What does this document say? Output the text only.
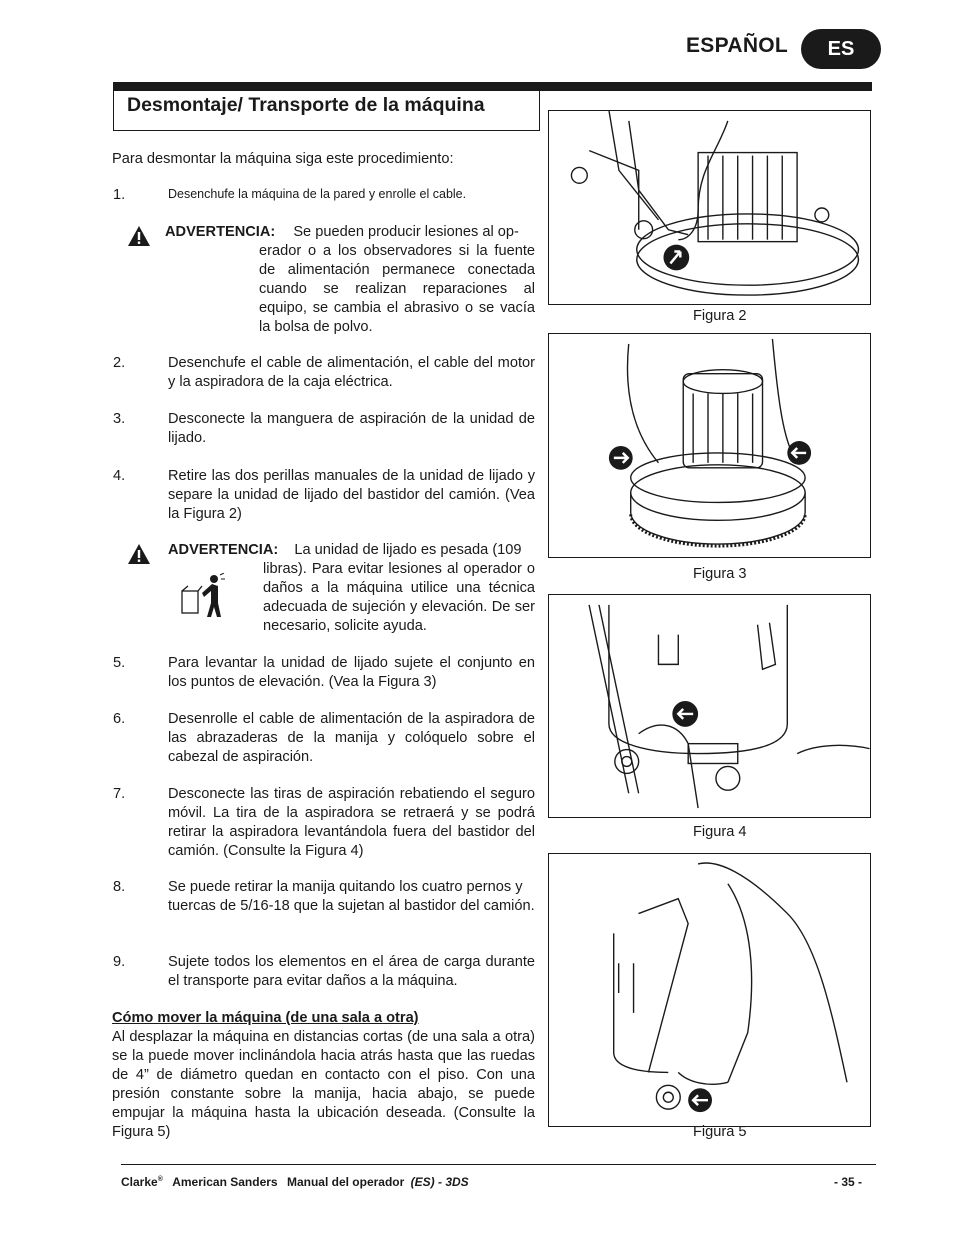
ESPAÑOL	ES
Desmontaje/ Transporte de la máquina
Para desmontar la máquina siga este procedimiento:
1.	Desenchufe la máquina de la pared y enrolle el cable.
ADVERTENCIA: Se pueden producir lesiones al op-
erador o a los observadores si la fuente de alimentación permanece conectada cuando se realizan reparaciones al equipo, se cambia el abrasivo o se vacía la bolsa de polvo.
2.	Desenchufe el cable de alimentación, el cable del motor y la aspiradora de la caja eléctrica.
3.	Desconecte la manguera de aspiración de la unidad de lijado.
4.	Retire las dos perillas manuales de la unidad de lijado y separe la unidad de lijado del bastidor del camión. (Vea la Figura 2)
ADVERTENCIA: La unidad de lijado es pesada (109
libras). Para evitar lesiones al operador o daños a la máquina utilice una técnica adecuada de sujeción y elevación. De ser necesario, solicite ayuda.
5.	Para levantar la unidad de lijado sujete el conjunto en los puntos de elevación. (Vea la Figura 3)
6.	Desenrolle el cable de alimentación de la aspiradora de las abrazaderas de la manija y colóquelo sobre el cabezal de aspiración.
7.	Desconecte las tiras de aspiración rebatiendo el seguro móvil. La tira de la aspiradora se retraerá y se podrá retirar la aspiradora levantándola fuera del bastidor del camión. (Consulte la Figura 4)
8.	Se puede retirar la manija quitando los cuatro pernos y tuercas de 5/16-18 que la sujetan al bastidor del camión.
9.	Sujete todos los elementos en el área de carga durante el transporte para evitar daños a la máquina.
Cómo mover la máquina (de una sala a otra)
Al desplazar la máquina en distancias cortas (de una sala a otra) se la puede mover inclinándola hacia atrás hasta que las ruedas de 4” de diámetro quedan en contacto con el piso. Con una presión constante sobre la manija, hacia abajo, se puede empujar la máquina hasta la ubicación deseada. (Consulte la Figura 5)
Figura 2
Figura 3
Figura 4
Figura 5
Clarke® American Sanders Manual del operador (ES) - 3DS	- 35 -
